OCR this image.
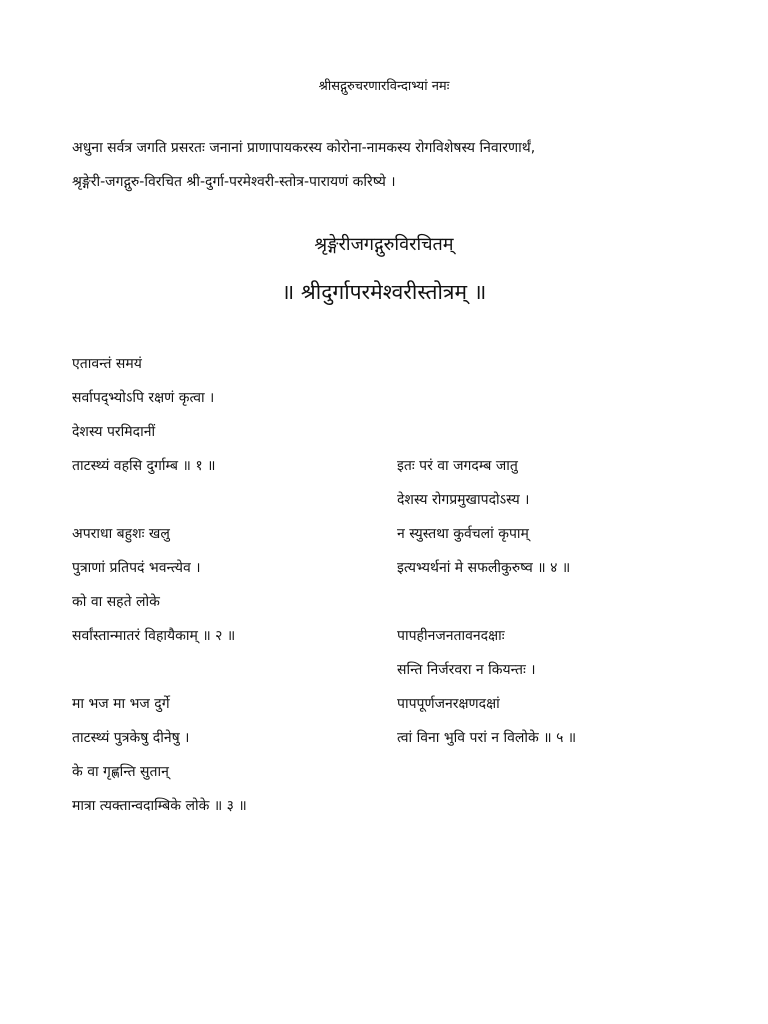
श्रीसद्गुरुचरणारविन्दाभ्यां नमः
अधुना सर्वत्र जगति प्रसरतः जनानां प्राणापायकरस्य कोरोना-नामकस्य रोगविशेषस्य निवारणार्थं,
श्रृङ्गेरी-जगद्गुरु-विरचित श्री-दुर्गा-परमेश्वरी-स्तोत्र-पारायणं करिष्ये ।
श्रृङ्गेरीजगद्गुरुविरचितम्
॥ श्रीदुर्गापरमेश्वरीस्तोत्रम् ॥
एतावन्तं समयं
सर्वापद्भ्योऽपि रक्षणं कृत्वा ।
देशस्य परमिदानीं
ताटस्थ्यं वहसि दुर्गाम्ब ॥ १ ॥
अपराधा बहुशः खलु
पुत्राणां प्रतिपदं भवन्त्येव ।
को वा सहते लोके
सर्वांस्तान्मातरं विहायैकाम् ॥ २ ॥
मा भज मा भज दुर्गे
ताटस्थ्यं पुत्रकेषु दीनेषु ।
के वा गृह्णन्ति सुतान्
मात्रा त्यक्तान्वदाम्बिके लोके ॥ ३ ॥
इतः परं वा जगदम्ब जातु
देशस्य रोगप्रमुखापदोऽस्य ।
न स्युस्तथा कुर्वचलां कृपाम्
इत्यभ्यर्थनां मे सफलीकुरुष्व ॥ ४ ॥
पापहीनजनतावनदक्षाः
सन्ति निर्जरवरा न कियन्तः ।
पापपूर्णजनरक्षणदक्षां
त्वां विना भुवि परां न विलोके ॥ ५ ॥
